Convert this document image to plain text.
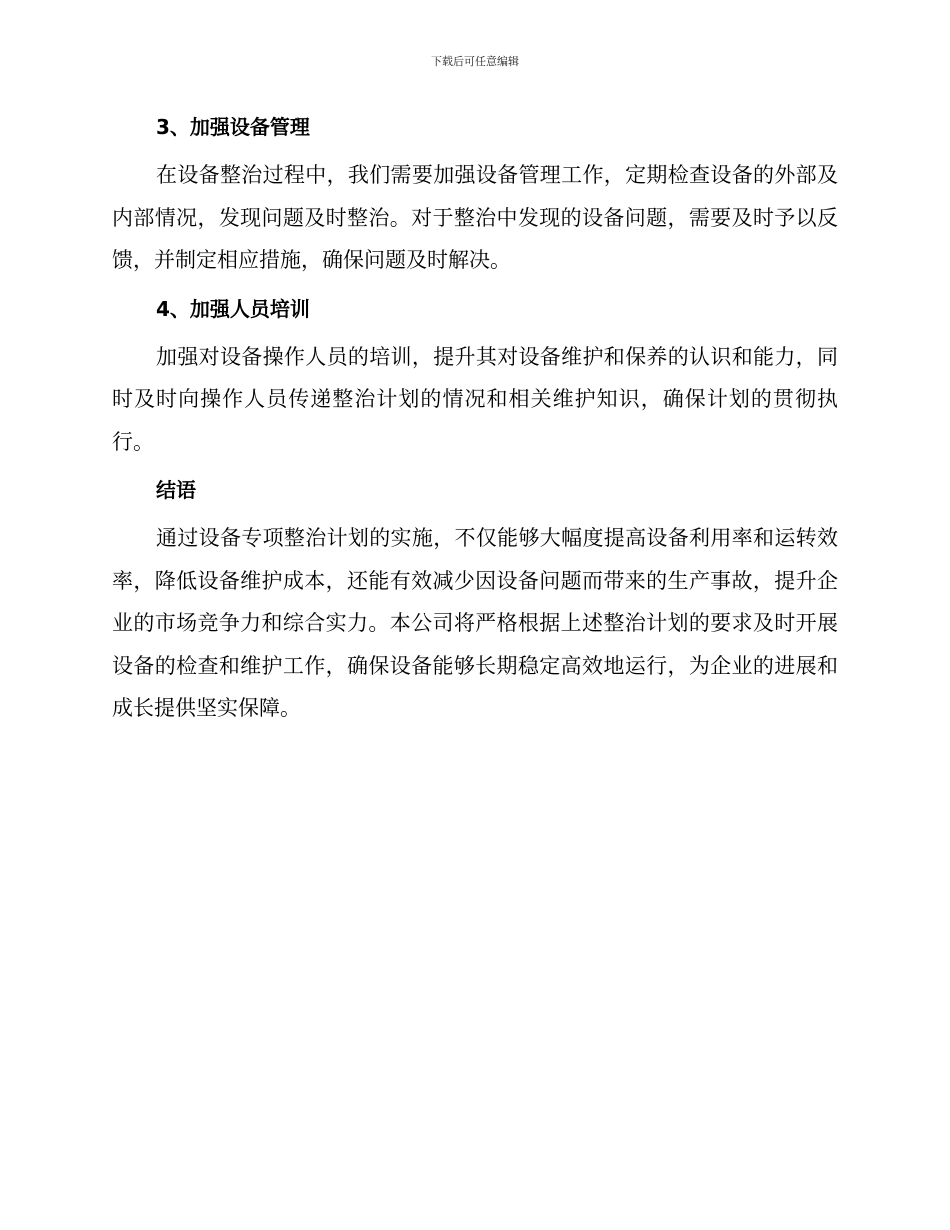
下载后可任意编辑
3、加强设备管理

在设备整治过程中，我们需要加强设备管理工作，定期检查设备的外部及内部情况，发现问题及时整治。对于整治中发现的设备问题，需要及时予以反馈，并制定相应措施，确保问题及时解决。

4、加强人员培训

加强对设备操作人员的培训，提升其对设备维护和保养的认识和能力，同时及时向操作人员传递整治计划的情况和相关维护知识，确保计划的贯彻执行。

结语

通过设备专项整治计划的实施，不仅能够大幅度提高设备利用率和运转效率，降低设备维护成本，还能有效减少因设备问题而带来的生产事故，提升企业的市场竞争力和综合实力。本公司将严格根据上述整治计划的要求及时开展设备的检查和维护工作，确保设备能够长期稳定高效地运行，为企业的进展和成长提供坚实保障。
